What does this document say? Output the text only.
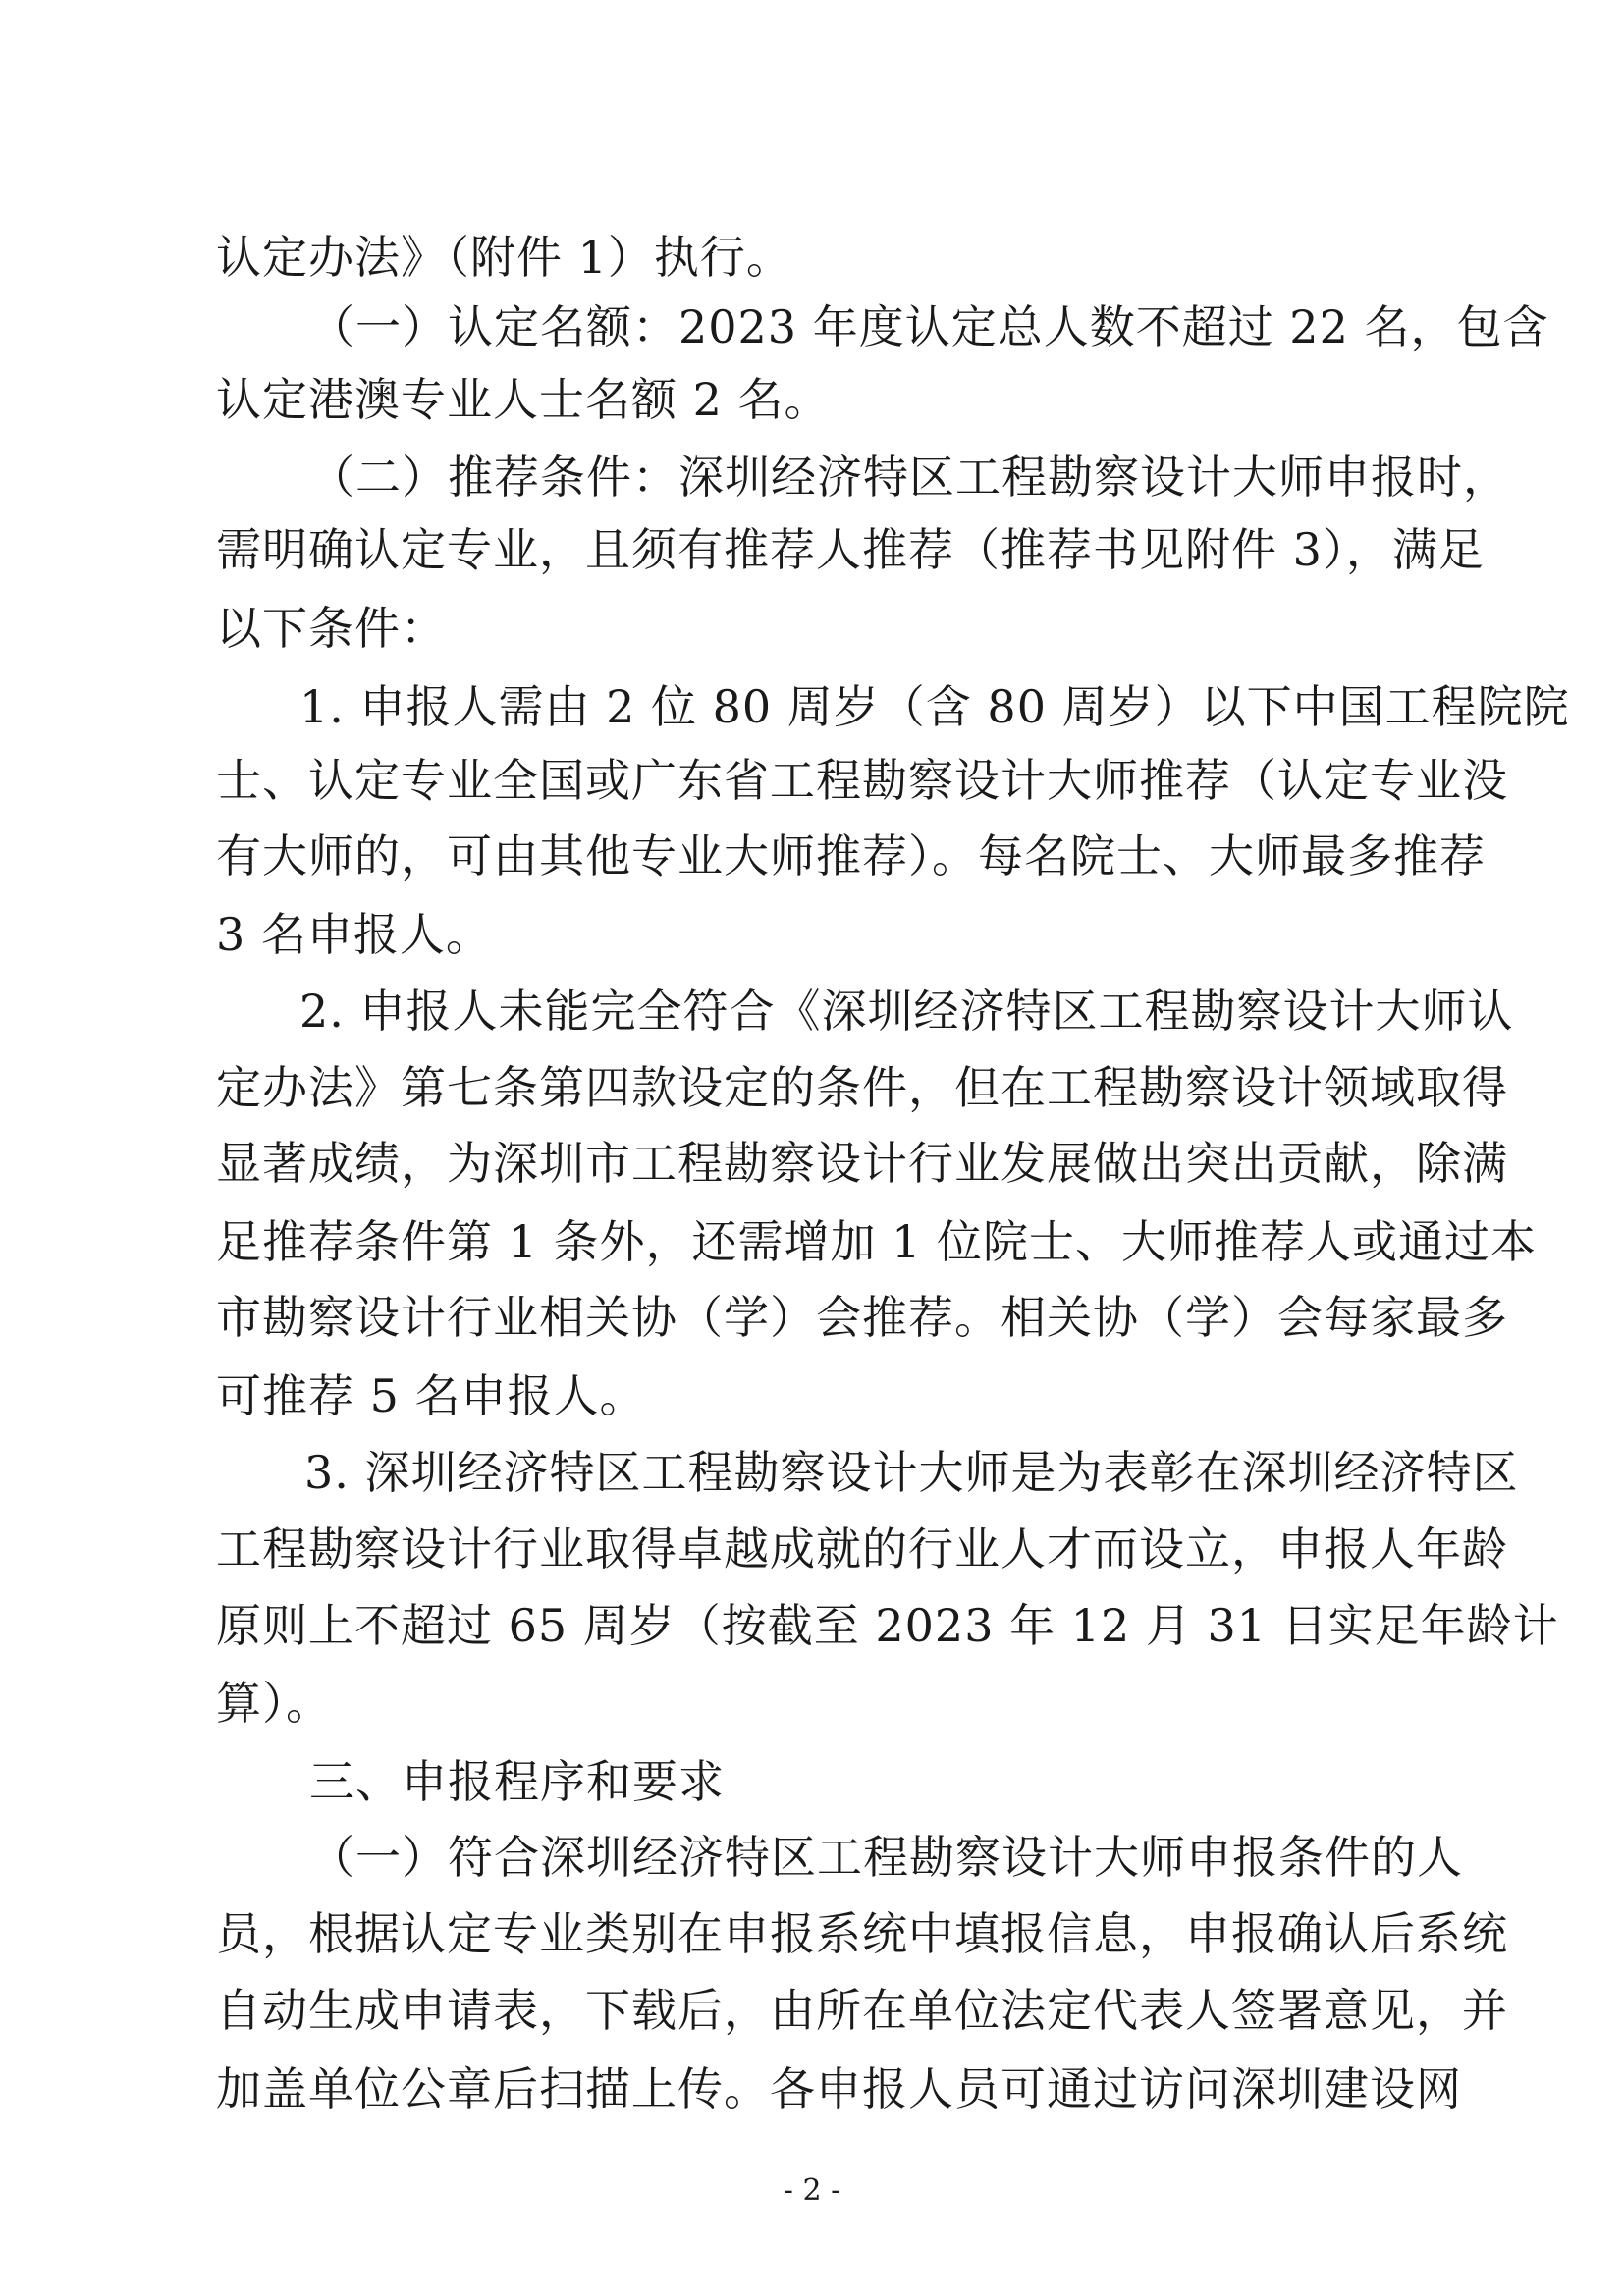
认定办法》（附件 1）执行。
（一）认定名额：2023 年度认定总人数不超过 22 名，包含
认定港澳专业人士名额 2 名。
（二）推荐条件：深圳经济特区工程勘察设计大师申报时，
需明确认定专业，且须有推荐人推荐（推荐书见附件 3），满足
以下条件：
1. 申报人需由 2 位 80 周岁（含 80 周岁）以下中国工程院院
士、认定专业全国或广东省工程勘察设计大师推荐（认定专业没
有大师的，可由其他专业大师推荐）。每名院士、大师最多推荐
3 名申报人。
2. 申报人未能完全符合《深圳经济特区工程勘察设计大师认
定办法》第七条第四款设定的条件，但在工程勘察设计领域取得
显著成绩，为深圳市工程勘察设计行业发展做出突出贡献，除满
足推荐条件第 1 条外，还需增加 1 位院士、大师推荐人或通过本
市勘察设计行业相关协（学）会推荐。相关协（学）会每家最多
可推荐 5 名申报人。
3. 深圳经济特区工程勘察设计大师是为表彰在深圳经济特区
工程勘察设计行业取得卓越成就的行业人才而设立，申报人年龄
原则上不超过 65 周岁（按截至 2023 年 12 月 31 日实足年龄计
算）。
三、申报程序和要求
（一）符合深圳经济特区工程勘察设计大师申报条件的人
员，根据认定专业类别在申报系统中填报信息，申报确认后系统
自动生成申请表，下载后，由所在单位法定代表人签署意见，并
加盖单位公章后扫描上传。各申报人员可通过访问深圳建设网
- 2 -
